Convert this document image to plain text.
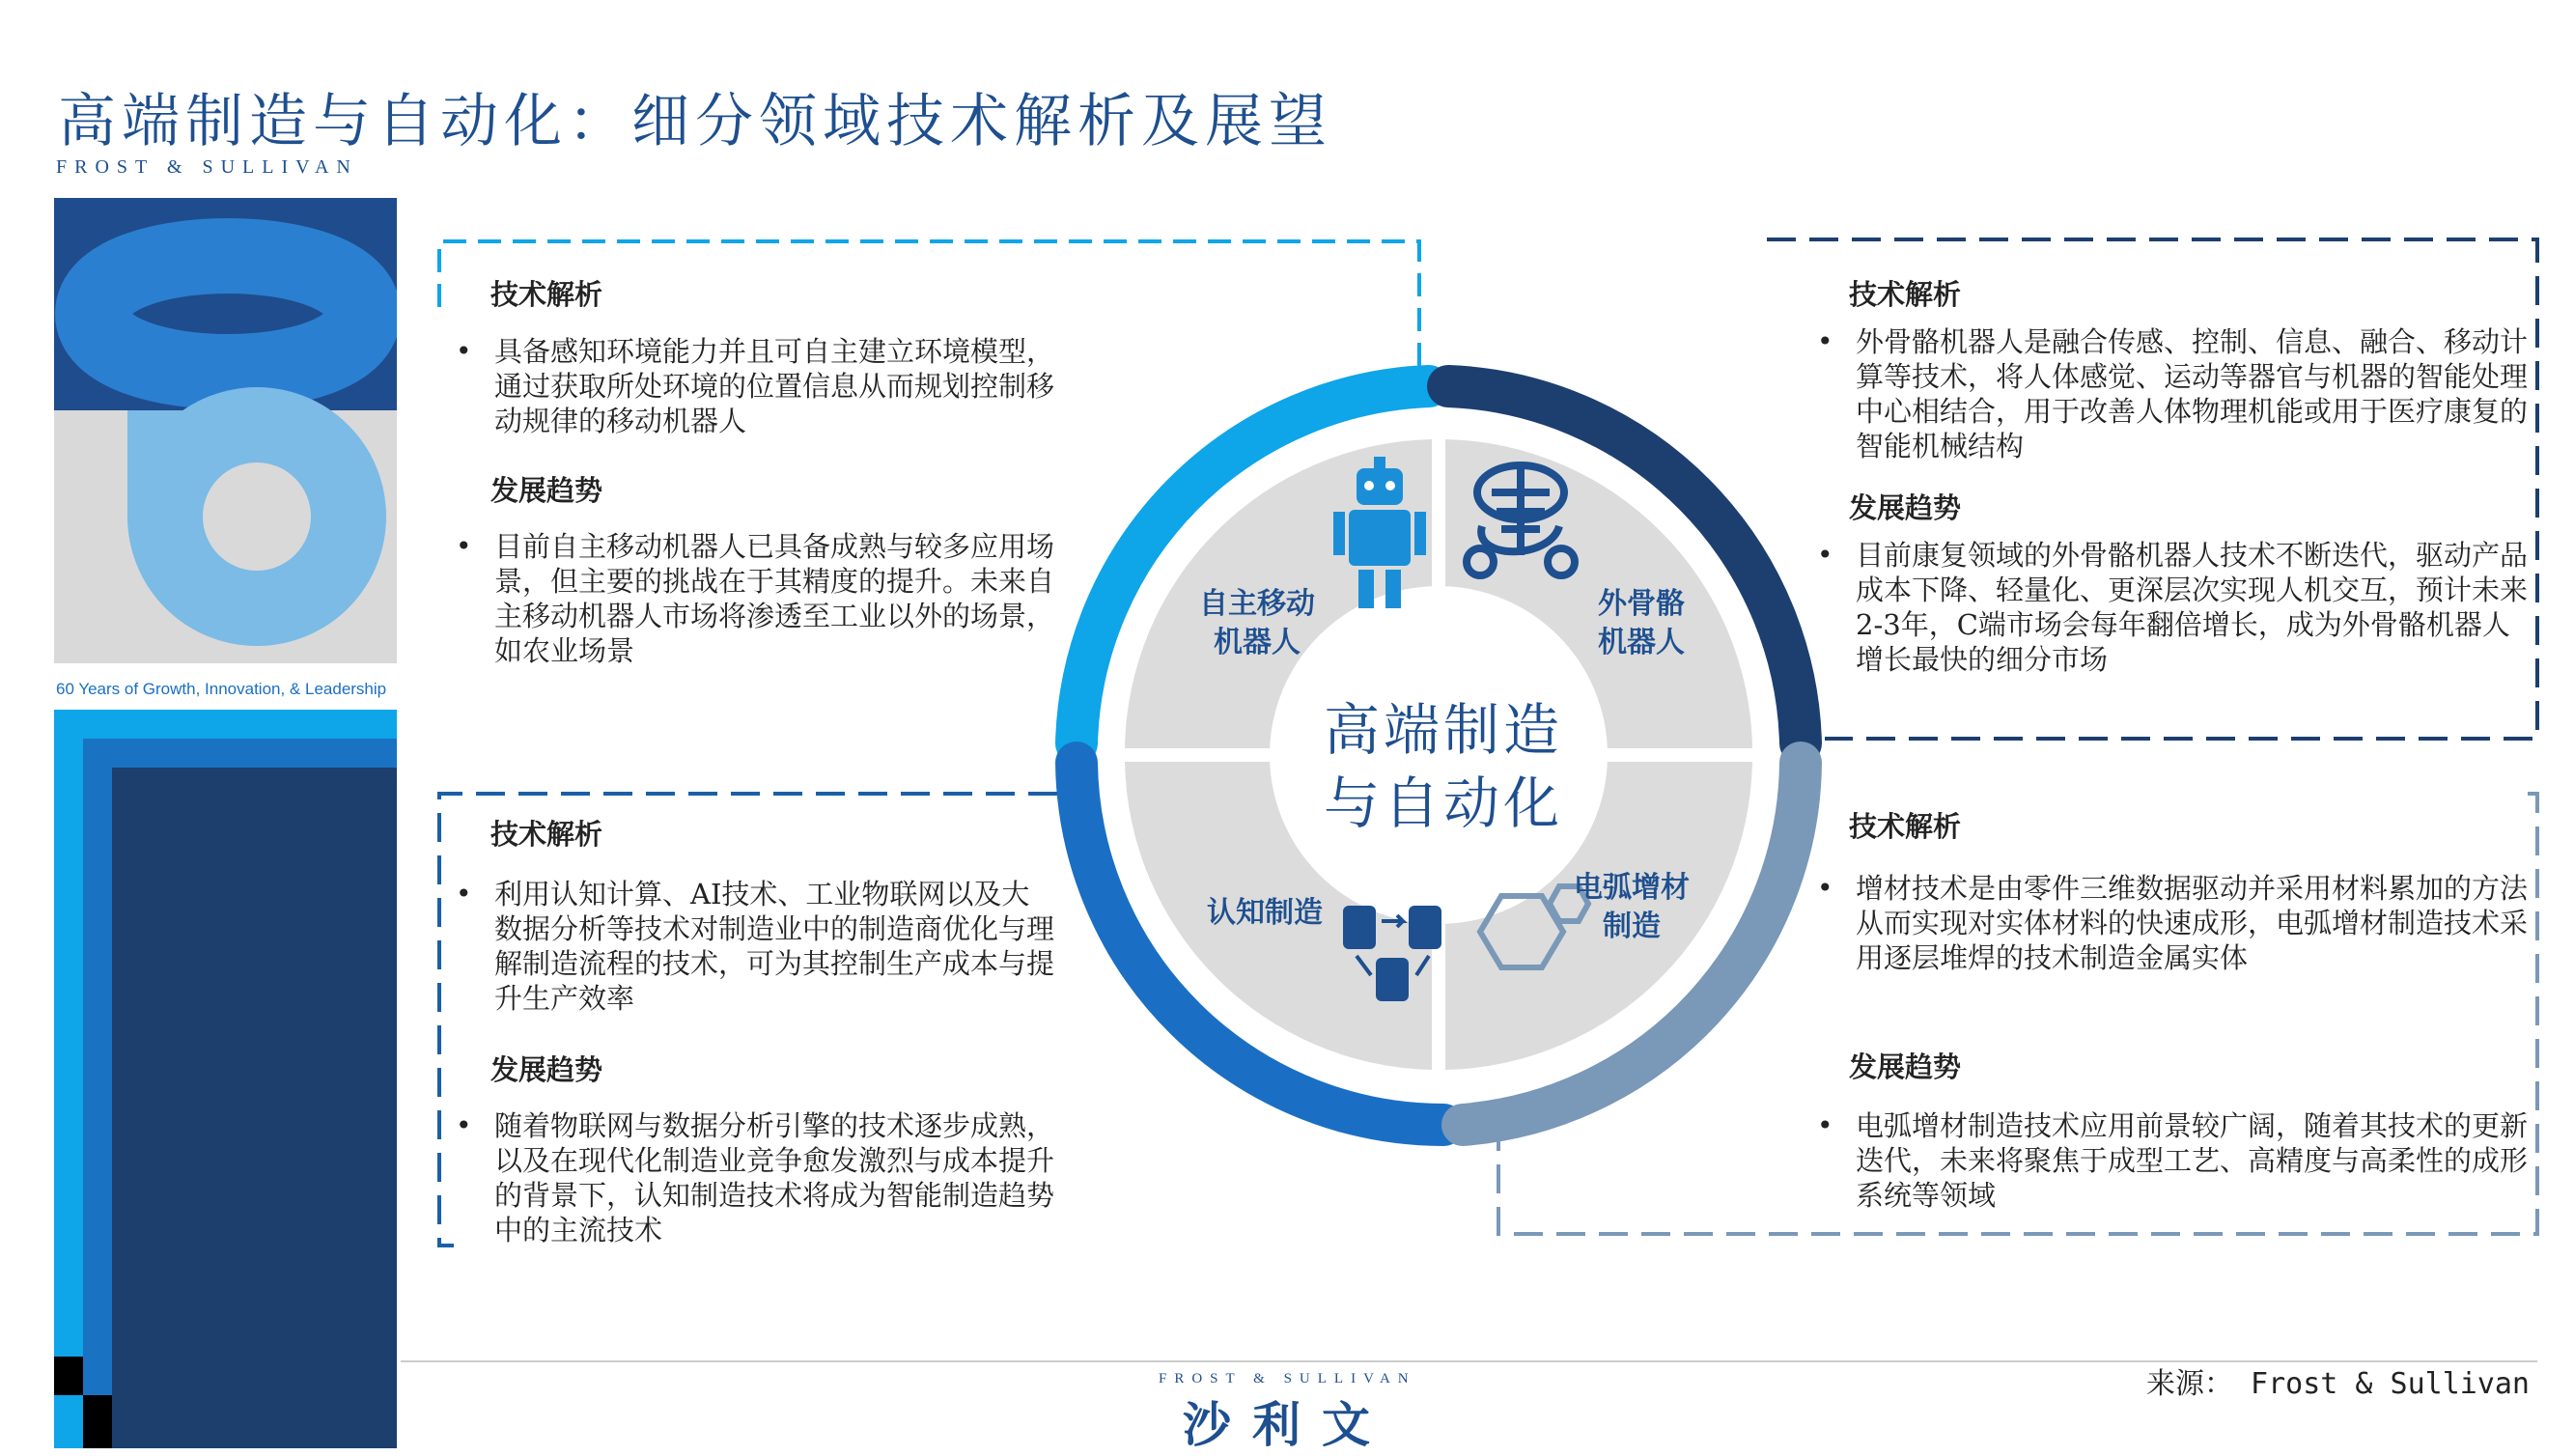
高端制造与自动化：细分领域技术解析及展望
FROST & SULLIVAN
60 Years of Growth, Innovation, & Leadership
自主移动
机器人
外骨骼
机器人
认知制造
电弧增材
制造
高端制造
与自动化
技术解析
• 具备感知环境能力并且可自主建立环境模型，通过获取所处环境的位置信息从而规划控制移动规律的移动机器人
发展趋势
• 目前自主移动机器人已具备成熟与较多应用场景，但主要的挑战在于其精度的提升。未来自主移动机器人市场将渗透至工业以外的场景，如农业场景
技术解析
• 外骨骼机器人是融合传感、控制、信息、融合、移动计算等技术，将人体感觉、运动等器官与机器的智能处理中心相结合，用于改善人体物理机能或用于医疗康复的智能机械结构
发展趋势
• 目前康复领域的外骨骼机器人技术不断迭代，驱动产品成本下降、轻量化、更深层次实现人机交互，预计未来2-3年，C端市场会每年翻倍增长，成为外骨骼机器人增长最快的细分市场
技术解析
• 利用认知计算、AI技术、工业物联网以及大数据分析等技术对制造业中的制造商优化与理解制造流程的技术，可为其控制生产成本与提升生产效率
发展趋势
• 随着物联网与数据分析引擎的技术逐步成熟，以及在现代化制造业竞争愈发激烈与成本提升的背景下，认知制造技术将成为智能制造趋势中的主流技术
技术解析
• 增材技术是由零件三维数据驱动并采用材料累加的方法从而实现对实体材料的快速成形，电弧增材制造技术采用逐层堆焊的技术制造金属实体
发展趋势
• 电弧增材制造技术应用前景较广阔，随着其技术的更新迭代，未来将聚焦于成型工艺、高精度与高柔性的成形系统等领域
FROST & SULLIVAN
沙利文
来源： Frost & Sullivan
